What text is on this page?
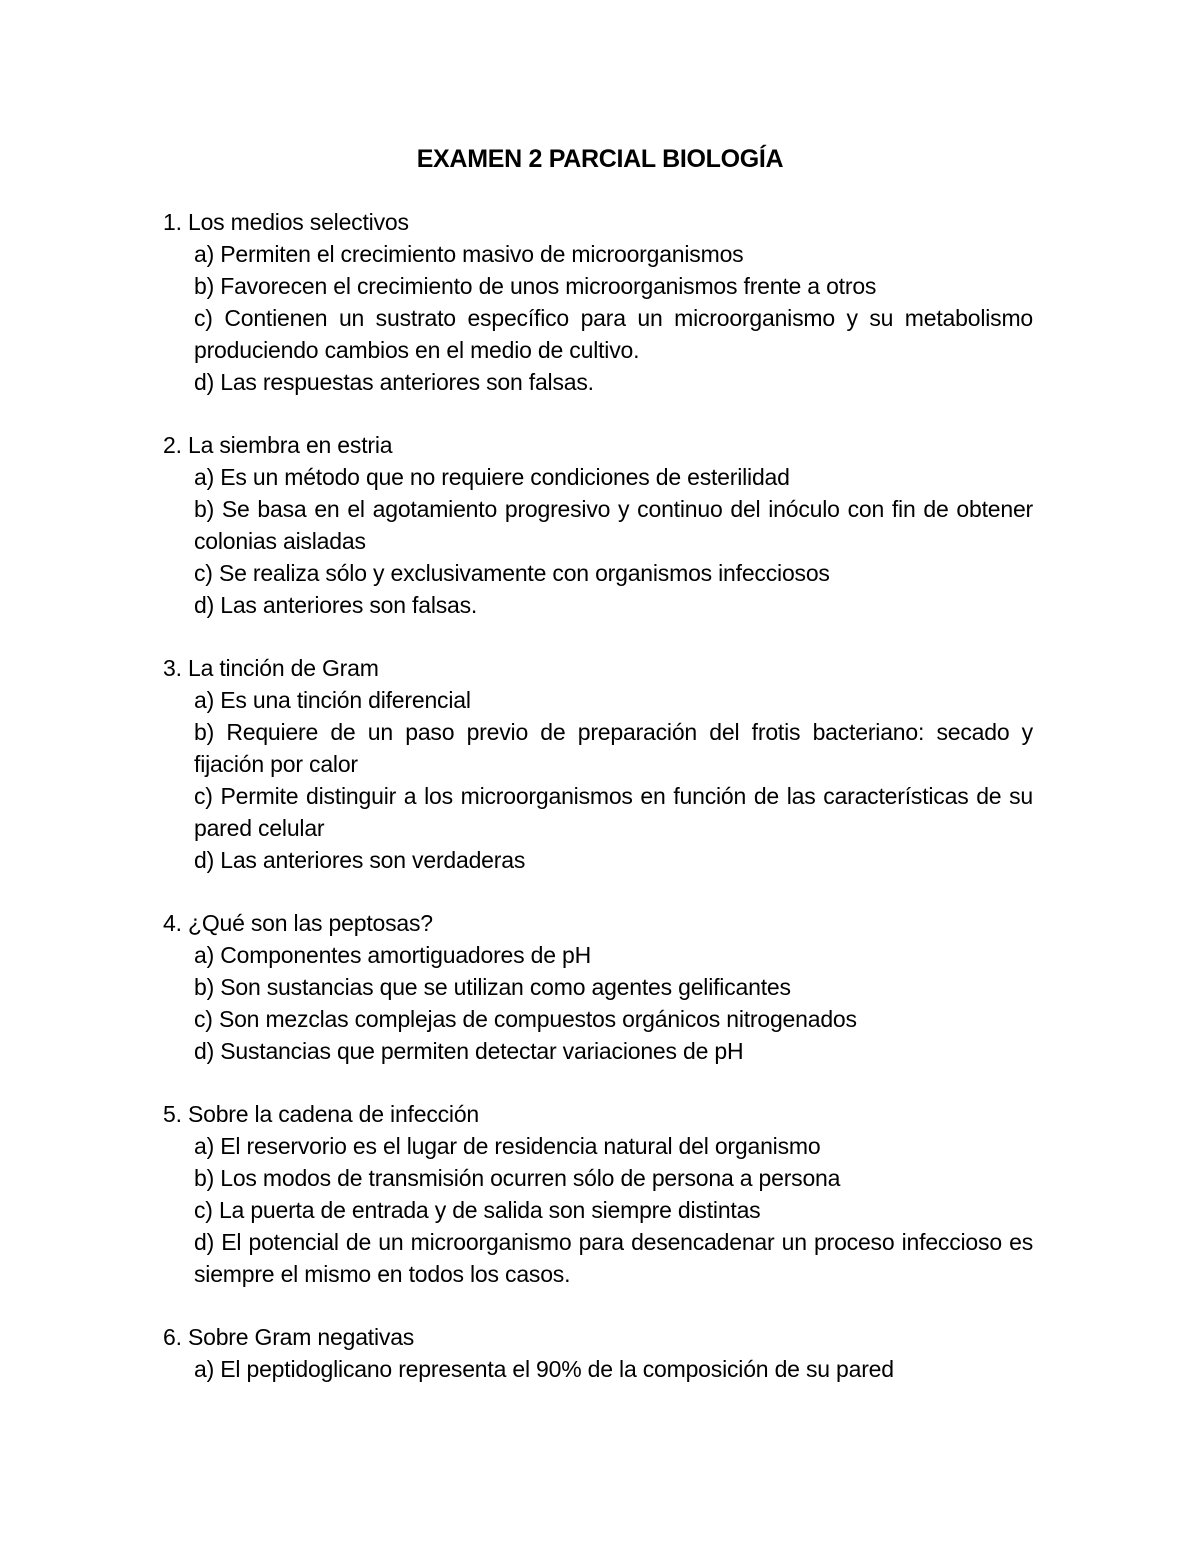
EXAMEN 2 PARCIAL BIOLOGÍA
1. Los medios selectivos
a) Permiten el crecimiento masivo de microorganismos
b) Favorecen el crecimiento de unos microorganismos frente a otros
c) Contienen un sustrato específico para un microorganismo y su metabolismo produciendo cambios en el medio de cultivo.
d) Las respuestas anteriores son falsas.
2. La siembra en estria
a) Es un método que no requiere condiciones de esterilidad
b) Se basa en el agotamiento progresivo y continuo del inóculo con fin de obtener colonias aisladas
c) Se realiza sólo y exclusivamente con organismos infecciosos
d) Las anteriores son falsas.
3. La tinción de Gram
a) Es una tinción diferencial
b) Requiere de un paso previo de preparación del frotis bacteriano: secado y fijación por calor
c) Permite distinguir a los microorganismos en función de las características de su pared celular
d) Las anteriores son verdaderas
4. ¿Qué son las peptosas?
a) Componentes amortiguadores de pH
b) Son sustancias que se utilizan como agentes gelificantes
c) Son mezclas complejas de compuestos orgánicos nitrogenados
d) Sustancias que permiten detectar variaciones de pH
5. Sobre la cadena de infección
a) El reservorio es el lugar de residencia natural del organismo
b) Los modos de transmisión ocurren sólo de persona a persona
c) La puerta de entrada y de salida son siempre distintas
d) El potencial de un microorganismo para desencadenar un proceso infeccioso es siempre el mismo en todos los casos.
6. Sobre Gram negativas
a) El peptidoglicano representa el 90% de la composición de su pared
